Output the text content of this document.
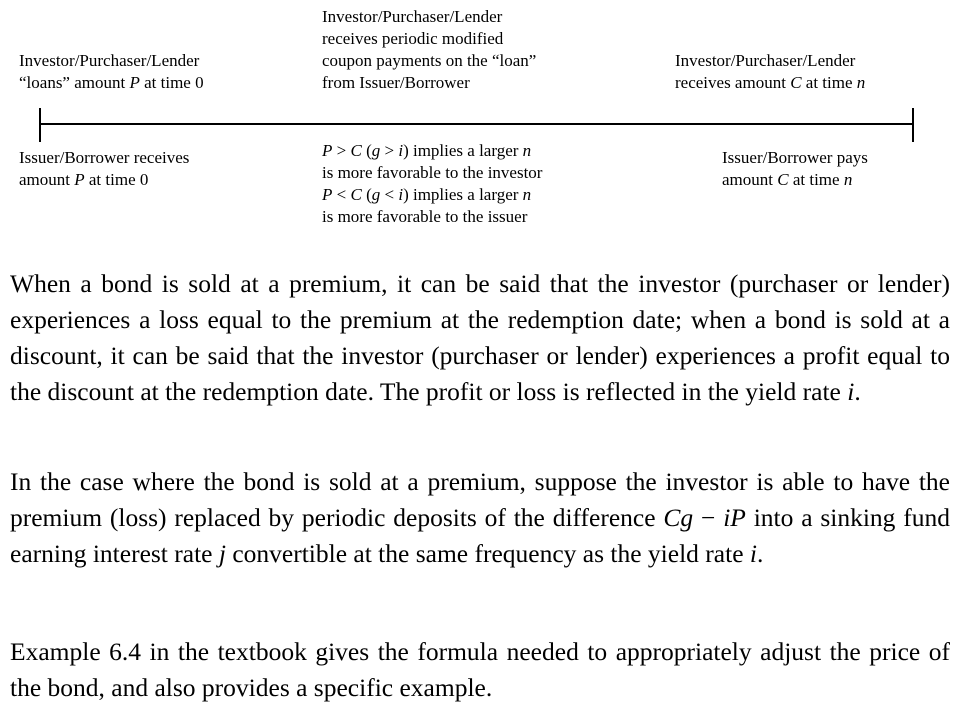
Investor/Purchaser/Lender
“loans” amount P at time 0
Investor/Purchaser/Lender
receives periodic modified
coupon payments on the “loan”
from Issuer/Borrower
Investor/Purchaser/Lender
receives amount C at time n
Issuer/Borrower receives
amount P at time 0
P > C (g > i) implies a larger n
is more favorable to the investor
P < C (g < i) implies a larger n
is more favorable to the issuer
Issuer/Borrower pays
amount C at time n

When a bond is sold at a premium, it can be said that the investor (purchaser or lender) experiences a loss equal to the premium at the redemption date; when a bond is sold at a discount, it can be said that the investor (purchaser or lender) experiences a profit equal to the discount at the redemption date. The profit or loss is reflected in the yield rate i.

In the case where the bond is sold at a premium, suppose the investor is able to have the premium (loss) replaced by periodic deposits of the difference Cg − iP into a sinking fund earning interest rate j convertible at the same frequency as the yield rate i.

Example 6.4 in the textbook gives the formula needed to appropriately adjust the price of the bond, and also provides a specific example.
